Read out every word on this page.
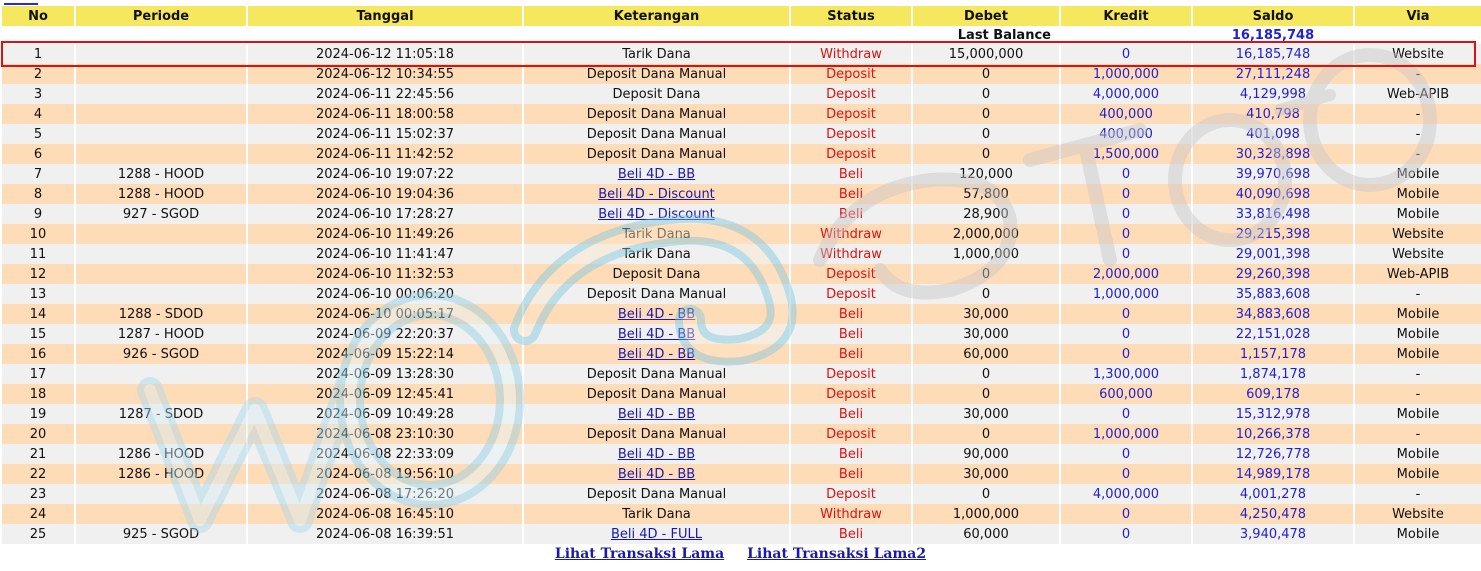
No	Periode	Tanggal	Keterangan	Status	Debet	Kredit	Saldo	Via
Last Balance							16,185,748	
1		2024-06-12 11:05:18	Tarik Dana	Withdraw	15,000,000	0	16,185,748	Website
2		2024-06-12 10:34:55	Deposit Dana Manual	Deposit	0	1,000,000	27,111,248	-
3		2024-06-11 22:45:56	Deposit Dana	Deposit	0	4,000,000	4,129,998	Web-APIB
4		2024-06-11 18:00:58	Deposit Dana Manual	Deposit	0	400,000	410,798	-
5		2024-06-11 15:02:37	Deposit Dana Manual	Deposit	0	400,000	401,098	-
6		2024-06-11 11:42:52	Deposit Dana Manual	Deposit	0	1,500,000	30,328,898	-
7	1288 - HOOD	2024-06-10 19:07:22	Beli 4D - BB	Beli	120,000	0	39,970,698	Mobile
8	1288 - HOOD	2024-06-10 19:04:36	Beli 4D - Discount	Beli	57,800	0	40,090,698	Mobile
9	927 - SGOD	2024-06-10 17:28:27	Beli 4D - Discount	Beli	28,900	0	33,816,498	Mobile
10		2024-06-10 11:49:26	Tarik Dana	Withdraw	2,000,000	0	29,215,398	Website
11		2024-06-10 11:41:47	Tarik Dana	Withdraw	1,000,000	0	29,001,398	Website
12		2024-06-10 11:32:53	Deposit Dana	Deposit	0	2,000,000	29,260,398	Web-APIB
13		2024-06-10 00:06:20	Deposit Dana Manual	Deposit	0	1,000,000	35,883,608	-
14	1288 - SDOD	2024-06-10 00:05:17	Beli 4D - BB	Beli	30,000	0	34,883,608	Mobile
15	1287 - HOOD	2024-06-09 22:20:37	Beli 4D - BB	Beli	30,000	0	22,151,028	Mobile
16	926 - SGOD	2024-06-09 15:22:14	Beli 4D - BB	Beli	60,000	0	1,157,178	Mobile
17		2024-06-09 13:28:30	Deposit Dana Manual	Deposit	0	1,300,000	1,874,178	-
18		2024-06-09 12:45:41	Deposit Dana Manual	Deposit	0	600,000	609,178	-
19	1287 - SDOD	2024-06-09 10:49:28	Beli 4D - BB	Beli	30,000	0	15,312,978	Mobile
20		2024-06-08 23:10:30	Deposit Dana Manual	Deposit	0	1,000,000	10,266,378	-
21	1286 - HOOD	2024-06-08 22:33:09	Beli 4D - BB	Beli	90,000	0	12,726,778	Mobile
22	1286 - HOOD	2024-06-08 19:56:10	Beli 4D - BB	Beli	30,000	0	14,989,178	Mobile
23		2024-06-08 17:26:20	Deposit Dana Manual	Deposit	0	4,000,000	4,001,278	-
24		2024-06-08 16:45:10	Tarik Dana	Withdraw	1,000,000	0	4,250,478	Website
25	925 - SGOD	2024-06-08 16:39:51	Beli 4D - FULL	Beli	60,000	0	3,940,478	Mobile
Lihat Transaksi Lama Lihat Transaksi Lama2
